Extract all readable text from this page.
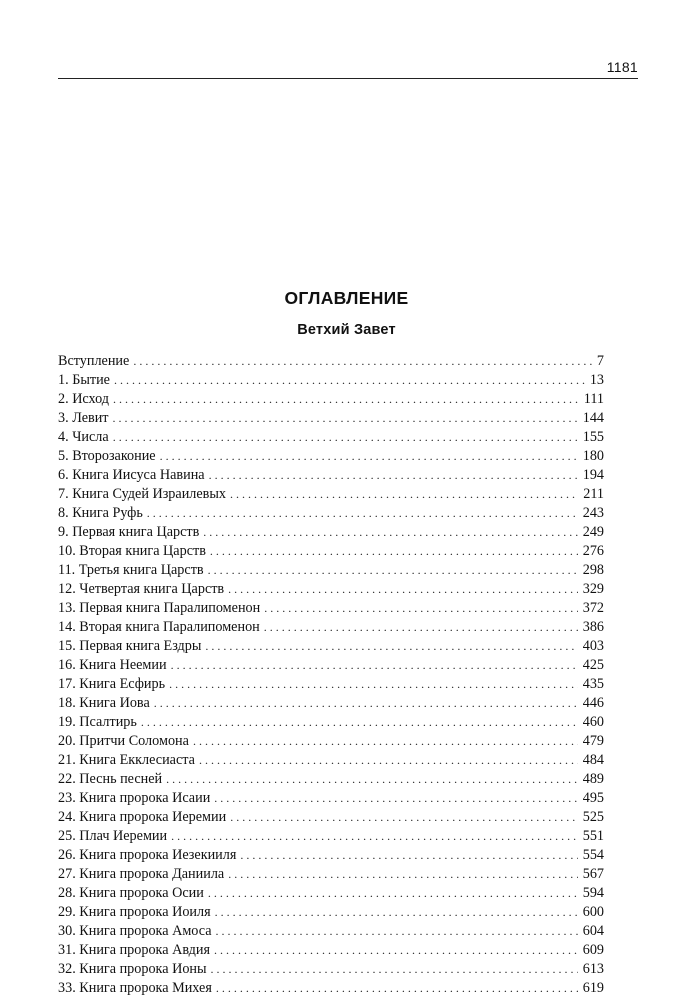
1181
ОГЛАВЛЕНИЕ
Ветхий Завет
Вступление . . .	7
1. Бытие . . .	13
2. Исход . . .	111
3. Левит . . .	144
4. Числа . . .	155
5. Второзаконие . . .	180
6. Книга Иисуса Навина . . .	194
7. Книга Судей Израилевых . . .	211
8. Книга Руфь . . .	243
9. Первая книга Царств . . .	249
10. Вторая книга Царств . . .	276
11. Третья книга Царств . . .	298
12. Четвертая книга Царств . . .	329
13. Первая книга Паралипоменон . . .	372
14. Вторая книга Паралипоменон . . .	386
15. Первая книга Ездры . . .	403
16. Книга Неемии . . .	425
17. Книга Есфирь . . .	435
18. Книга Иова . . .	446
19. Псалтирь . . .	460
20. Притчи Соломона . . .	479
21. Книга Екклесиаста . . .	484
22. Песнь песней . . .	489
23. Книга пророка Исаии . . .	495
24. Книга пророка Иеремии . . .	525
25. Плач Иеремии . . .	551
26. Книга пророка Иезекииля . . .	554
27. Книга пророка Даниила . . .	567
28. Книга пророка Осии . . .	594
29. Книга пророка Иоиля . . .	600
30. Книга пророка Амоса . . .	604
31. Книга пророка Авдия . . .	609
32. Книга пророка Ионы . . .	613
33. Книга пророка Михея . . .	619
